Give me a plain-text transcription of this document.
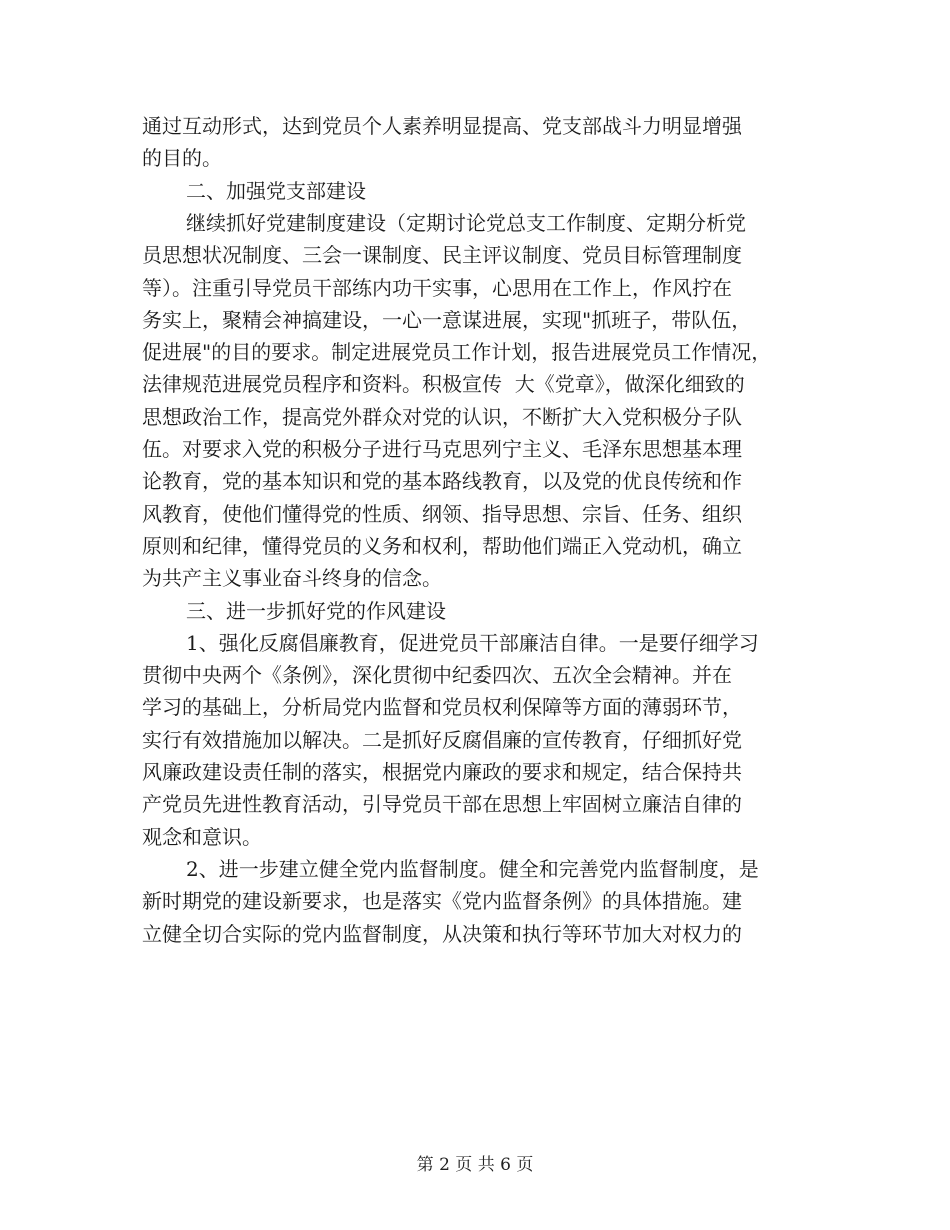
通过互动形式，达到党员个人素养明显提高、党支部战斗力明显增强
的目的。
二、加强党支部建设
继续抓好党建制度建设（定期讨论党总支工作制度、定期分析党
员思想状况制度、三会一课制度、民主评议制度、党员目标管理制度
等）。注重引导党员干部练内功干实事，心思用在工作上，作风拧在
务实上，聚精会神搞建设，一心一意谋进展，实现"抓班子，带队伍，
促进展"的目的要求。制定进展党员工作计划，报告进展党员工作情况，
法律规范进展党员程序和资料。积极宣传  大《党章》，做深化细致的
思想政治工作，提高党外群众对党的认识，不断扩大入党积极分子队
伍。对要求入党的积极分子进行马克思列宁主义、毛泽东思想基本理
论教育，党的基本知识和党的基本路线教育，以及党的优良传统和作
风教育，使他们懂得党的性质、纲领、指导思想、宗旨、任务、组织
原则和纪律，懂得党员的义务和权利，帮助他们端正入党动机，确立
为共产主义事业奋斗终身的信念。
三、进一步抓好党的作风建设
1、强化反腐倡廉教育，促进党员干部廉洁自律。一是要仔细学习
贯彻中央两个《条例》，深化贯彻中纪委四次、五次全会精神。并在
学习的基础上，分析局党内监督和党员权利保障等方面的薄弱环节，
实行有效措施加以解决。二是抓好反腐倡廉的宣传教育，仔细抓好党
风廉政建设责任制的落实，根据党内廉政的要求和规定，结合保持共
产党员先进性教育活动，引导党员干部在思想上牢固树立廉洁自律的
观念和意识。
2、进一步建立健全党内监督制度。健全和完善党内监督制度，是
新时期党的建设新要求，也是落实《党内监督条例》的具体措施。建
立健全切合实际的党内监督制度，从决策和执行等环节加大对权力的
第 2 页 共 6 页
